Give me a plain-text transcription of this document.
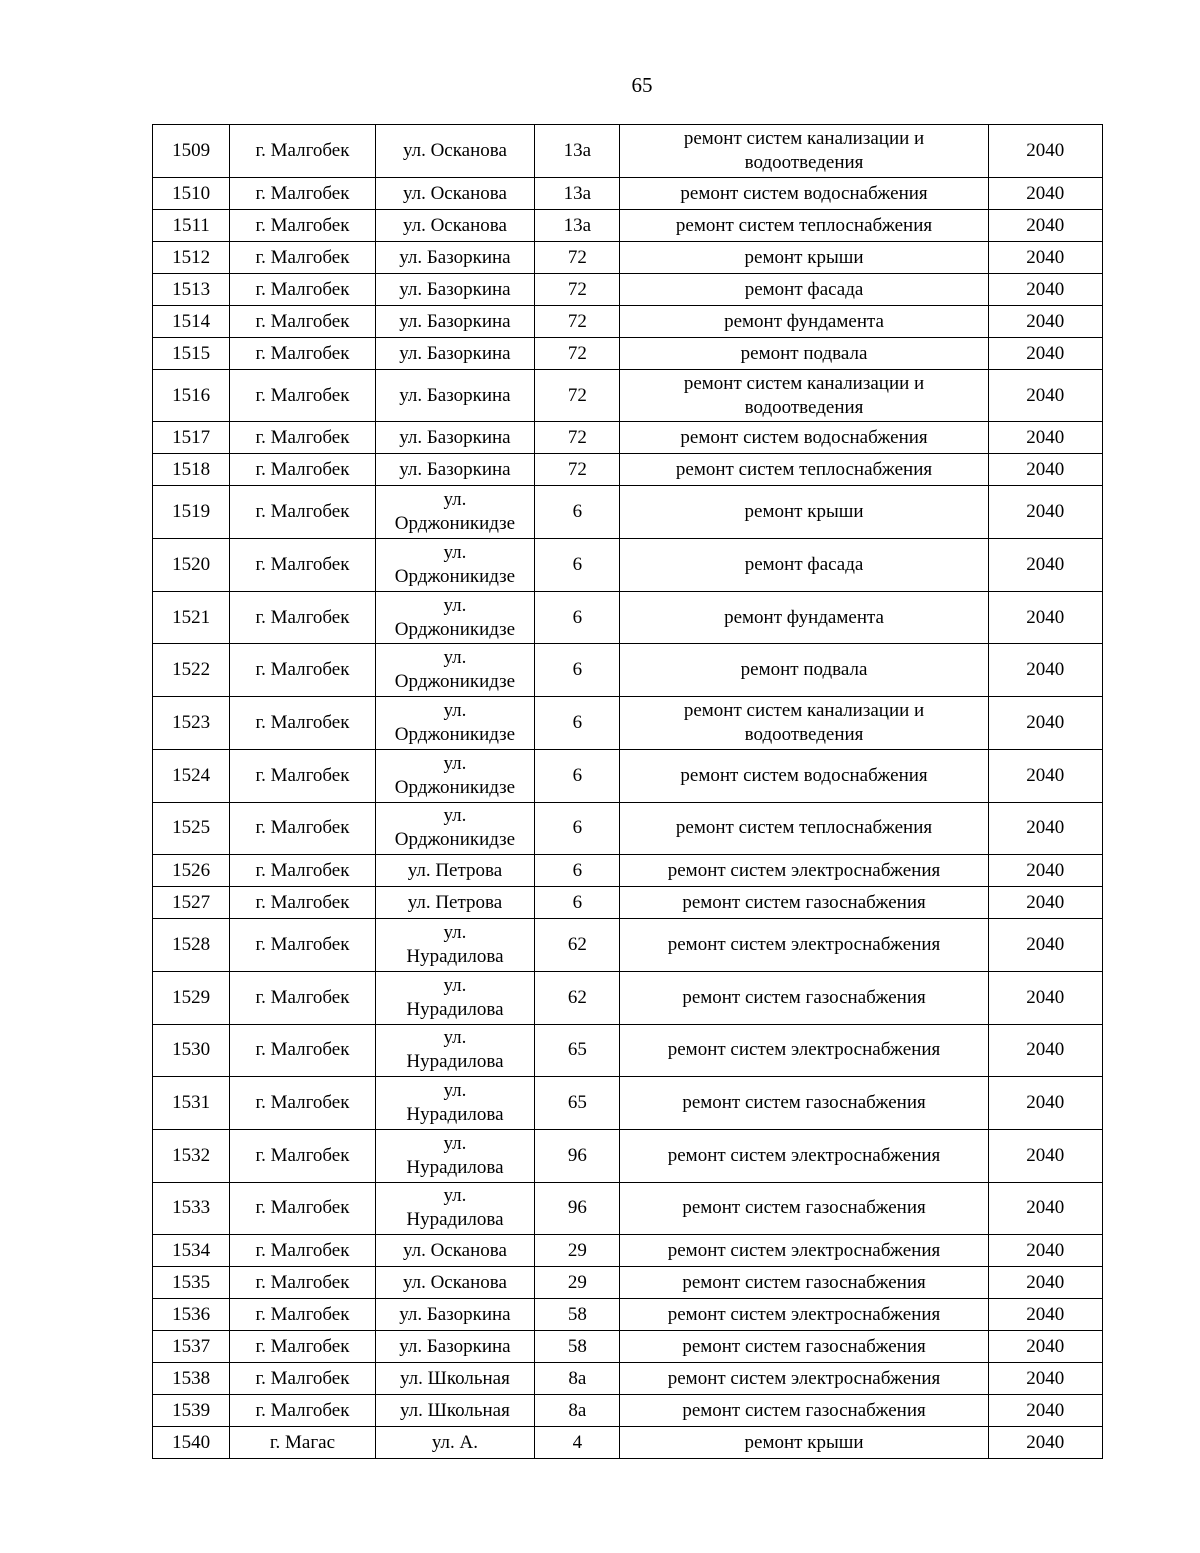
65
1509	г. Малгобек	ул. Осканова	13а	ремонт систем канализации и
водоотведения	2040
1510	г. Малгобек	ул. Осканова	13а	ремонт систем водоснабжения	2040
1511	г. Малгобек	ул. Осканова	13а	ремонт систем теплоснабжения	2040
1512	г. Малгобек	ул. Базоркина	72	ремонт крыши	2040
1513	г. Малгобек	ул. Базоркина	72	ремонт фасада	2040
1514	г. Малгобек	ул. Базоркина	72	ремонт фундамента	2040
1515	г. Малгобек	ул. Базоркина	72	ремонт подвала	2040
1516	г. Малгобек	ул. Базоркина	72	ремонт систем канализации и
водоотведения	2040
1517	г. Малгобек	ул. Базоркина	72	ремонт систем водоснабжения	2040
1518	г. Малгобек	ул. Базоркина	72	ремонт систем теплоснабжения	2040
1519	г. Малгобек	ул.
Орджоникидзе	6	ремонт крыши	2040
1520	г. Малгобек	ул.
Орджоникидзе	6	ремонт фасада	2040
1521	г. Малгобек	ул.
Орджоникидзе	6	ремонт фундамента	2040
1522	г. Малгобек	ул.
Орджоникидзе	6	ремонт подвала	2040
1523	г. Малгобек	ул.
Орджоникидзе	6	ремонт систем канализации и
водоотведения	2040
1524	г. Малгобек	ул.
Орджоникидзе	6	ремонт систем водоснабжения	2040
1525	г. Малгобек	ул.
Орджоникидзе	6	ремонт систем теплоснабжения	2040
1526	г. Малгобек	ул. Петрова	6	ремонт систем электроснабжения	2040
1527	г. Малгобек	ул. Петрова	6	ремонт систем газоснабжения	2040
1528	г. Малгобек	ул.
Нурадилова	62	ремонт систем электроснабжения	2040
1529	г. Малгобек	ул.
Нурадилова	62	ремонт систем газоснабжения	2040
1530	г. Малгобек	ул.
Нурадилова	65	ремонт систем электроснабжения	2040
1531	г. Малгобек	ул.
Нурадилова	65	ремонт систем газоснабжения	2040
1532	г. Малгобек	ул.
Нурадилова	96	ремонт систем электроснабжения	2040
1533	г. Малгобек	ул.
Нурадилова	96	ремонт систем газоснабжения	2040
1534	г. Малгобек	ул. Осканова	29	ремонт систем электроснабжения	2040
1535	г. Малгобек	ул. Осканова	29	ремонт систем газоснабжения	2040
1536	г. Малгобек	ул. Базоркина	58	ремонт систем электроснабжения	2040
1537	г. Малгобек	ул. Базоркина	58	ремонт систем газоснабжения	2040
1538	г. Малгобек	ул. Школьная	8а	ремонт систем электроснабжения	2040
1539	г. Малгобек	ул. Школьная	8а	ремонт систем газоснабжения	2040
1540	г. Магас	ул. А.	4	ремонт крыши	2040
